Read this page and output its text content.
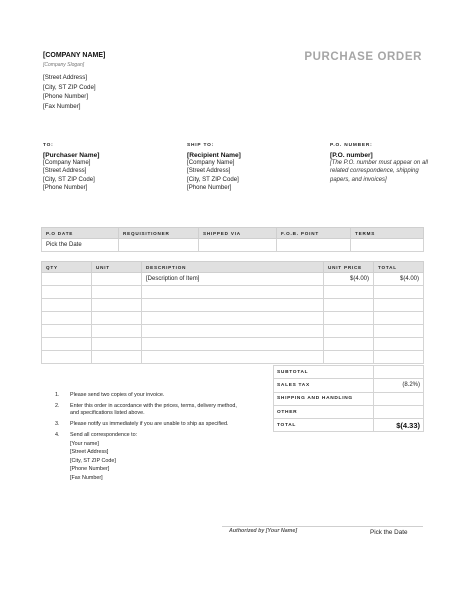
[COMPANY NAME]
[Company Slogan]
[Street Address]
[City, ST ZIP Code]
[Phone Number]
[Fax Number]
PURCHASE ORDER
TO:
[Purchaser Name]
[Company Name]
[Street Address]
[City, ST ZIP Code]
[Phone Number]
SHIP TO:
[Recipient Name]
[Company Name]
[Street Address]
[City, ST ZIP Code]
[Phone Number]
P.O. NUMBER:
[P.O. number]
[The P.O. number must appear on all related correspondence, shipping papers, and invoices]
P.O DATE	REQUISITIONER	SHIPPED VIA	F.O.B. POINT	TERMS
Pick the Date				
QTY	UNIT	DESCRIPTION	UNIT PRICE	TOTAL
		[Description of Item]	$(4.00)	$(4.00)

SUBTOTAL	
SALES TAX	(8.2%)
SHIPPING AND HANDLING	
OTHER	
TOTAL	$(4.33)
1.	Please send two copies of your invoice.
2.	Enter this order in accordance with the prices, terms, delivery method, and specifications listed above.
3.	Please notify us immediately if you are unable to ship as specified.
4.	Send all correspondence to:
[Your name]
[Street Address]
[City, ST ZIP Code]
[Phone Number]
[Fax Number]
Authorized by [Your Name]	Pick the Date
